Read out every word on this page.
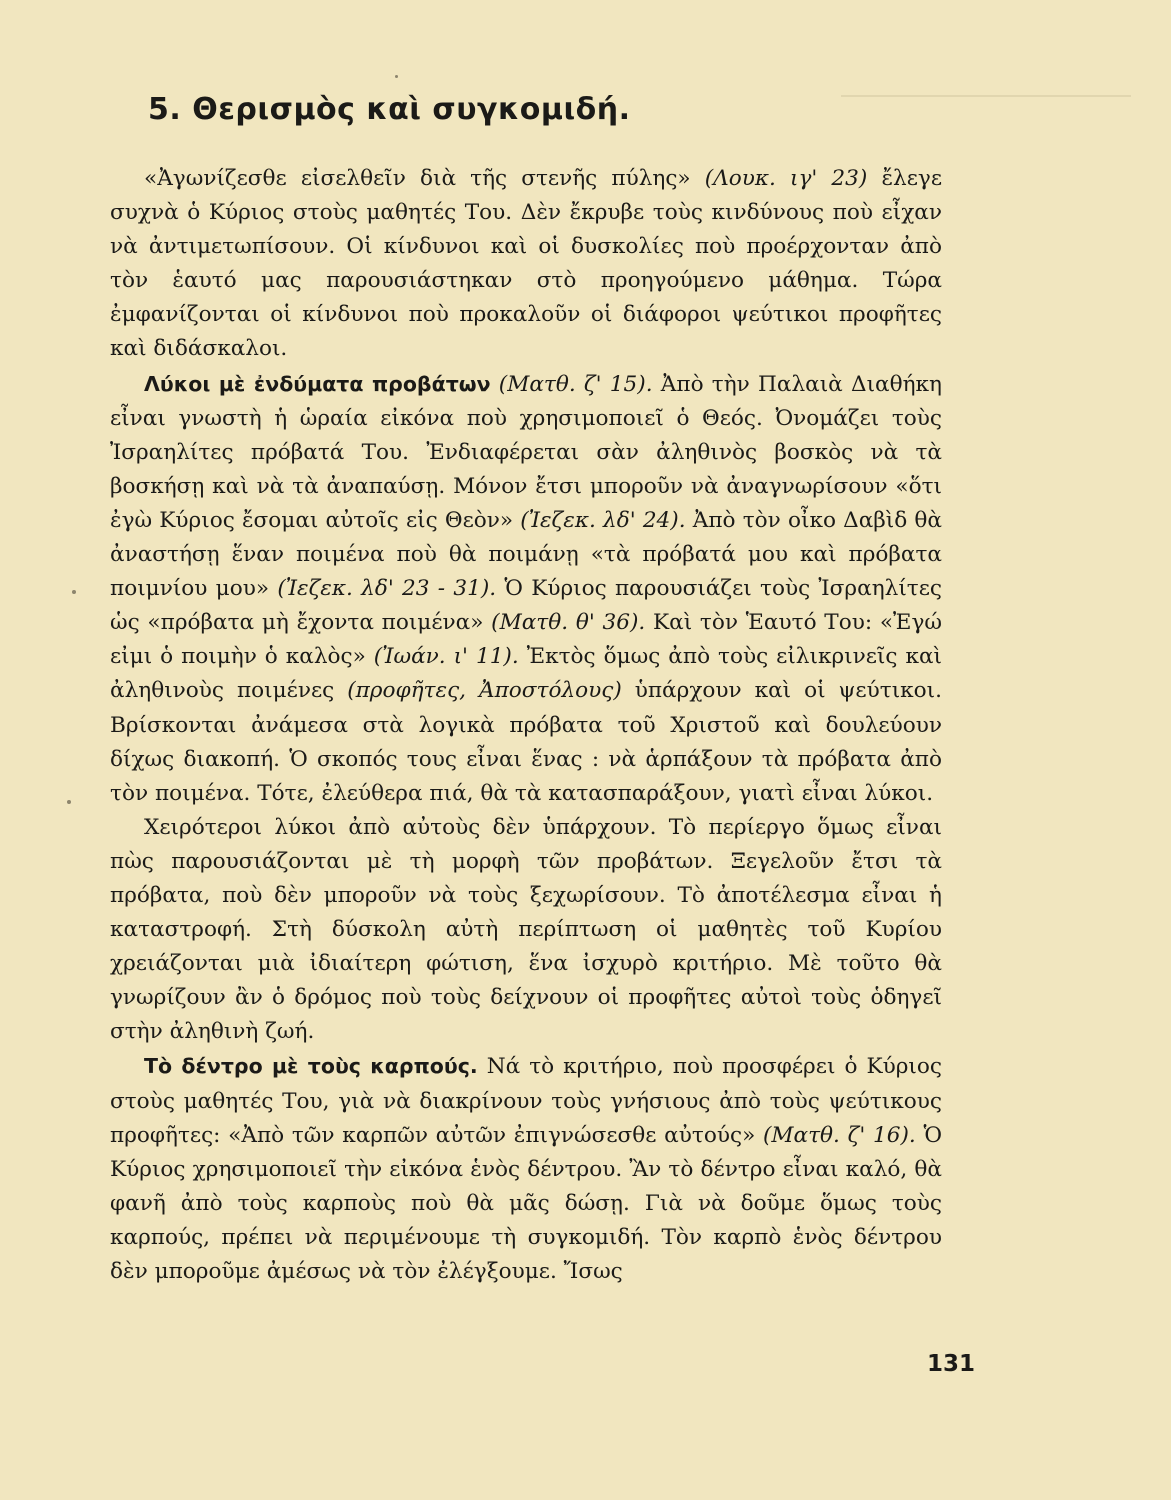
5. Θερισμὸς καὶ συγκομιδή.

«Ἀγωνίζεσθε εἰσελθεῖν διὰ τῆς στενῆς πύλης» (Λουκ. ιγ' 23) ἔλεγε συχνὰ ὁ Κύριος στοὺς μαθητές Του. Δὲν ἔκρυβε τοὺς κινδύνους ποὺ εἶχαν νὰ ἀντιμετωπίσουν. Οἱ κίνδυνοι καὶ οἱ δυσκολίες ποὺ προέρχονταν ἀπὸ τὸν ἑαυτό μας παρουσιάστηκαν στὸ προηγούμενο μάθημα. Τώρα ἐμφανίζονται οἱ κίνδυνοι ποὺ προκαλοῦν οἱ διάφοροι ψεύτικοι προφῆτες καὶ διδάσκαλοι.

Λύκοι μὲ ἐνδύματα προβάτων (Ματθ. ζ' 15). Ἀπὸ τὴν Παλαιὰ Διαθήκη εἶναι γνωστὴ ἡ ὡραία εἰκόνα ποὺ χρησιμοποιεῖ ὁ Θεός. Ὀνομάζει τοὺς Ἰσραηλίτες πρόβατά Του. Ἐνδιαφέρεται σὰν ἀληθινὸς βοσκὸς νὰ τὰ βοσκήσῃ καὶ νὰ τὰ ἀναπαύσῃ. Μόνον ἔτσι μποροῦν νὰ ἀναγνωρίσουν «ὅτι ἐγὼ Κύριος ἔσομαι αὐτοῖς εἰς Θεὸν» (Ἰεζεκ. λδ' 24). Ἀπὸ τὸν οἶκο Δαβὶδ θὰ ἀναστήσῃ ἕναν ποιμένα ποὺ θὰ ποιμάνῃ «τὰ πρόβατά μου καὶ πρόβατα ποιμνίου μου» (Ἰεζεκ. λδ' 23 - 31). Ὁ Κύριος παρουσιάζει τοὺς Ἰσραηλίτες ὡς «πρόβατα μὴ ἔχοντα ποιμένα» (Ματθ. θ' 36). Καὶ τὸν Ἑαυτό Του: «Ἐγώ εἰμι ὁ ποιμὴν ὁ καλὸς» (Ἰωάν. ι' 11). Ἐκτὸς ὅμως ἀπὸ τοὺς εἰλικρινεῖς καὶ ἀληθινοὺς ποιμένες (προφῆτες, Ἀποστόλους) ὑπάρχουν καὶ οἱ ψεύτικοι. Βρίσκονται ἀνάμεσα στὰ λογικὰ πρόβατα τοῦ Χριστοῦ καὶ δουλεύουν δίχως διακοπή. Ὁ σκοπός τους εἶναι ἕνας : νὰ ἁρπάξουν τὰ πρόβατα ἀπὸ τὸν ποιμένα. Τότε, ἐλεύθερα πιά, θὰ τὰ κατασπαράξουν, γιατὶ εἶναι λύκοι.

Χειρότεροι λύκοι ἀπὸ αὐτοὺς δὲν ὑπάρχουν. Τὸ περίεργο ὅμως εἶναι πὼς παρουσιάζονται μὲ τὴ μορφὴ τῶν προβάτων. Ξεγελοῦν ἔτσι τὰ πρόβατα, ποὺ δὲν μποροῦν νὰ τοὺς ξεχωρίσουν. Τὸ ἀποτέλεσμα εἶναι ἡ καταστροφή. Στὴ δύσκολη αὐτὴ περίπτωση οἱ μαθητὲς τοῦ Κυρίου χρειάζονται μιὰ ἰδιαίτερη φώτιση, ἕνα ἰσχυρὸ κριτήριο. Μὲ τοῦτο θὰ γνωρίζουν ἂν ὁ δρόμος ποὺ τοὺς δείχνουν οἱ προφῆτες αὐτοὶ τοὺς ὁδηγεῖ στὴν ἀληθινὴ ζωή.

Τὸ δέντρο μὲ τοὺς καρπούς. Νά τὸ κριτήριο, ποὺ προσφέρει ὁ Κύριος στοὺς μαθητές Του, γιὰ νὰ διακρίνουν τοὺς γνήσιους ἀπὸ τοὺς ψεύτικους προφῆτες: «Ἀπὸ τῶν καρπῶν αὐτῶν ἐπιγνώσεσθε αὐτούς» (Ματθ. ζ' 16). Ὁ Κύριος χρησιμοποιεῖ τὴν εἰκόνα ἑνὸς δέντρου. Ἂν τὸ δέντρο εἶναι καλό, θὰ φανῆ ἀπὸ τοὺς καρποὺς ποὺ θὰ μᾶς δώσῃ. Γιὰ νὰ δοῦμε ὅμως τοὺς καρπούς, πρέπει νὰ περιμένουμε τὴ συγκομιδή. Τὸν καρπὸ ἑνὸς δέντρου δὲν μποροῦμε ἀμέσως νὰ τὸν ἐλέγξουμε. Ἴσως

131
